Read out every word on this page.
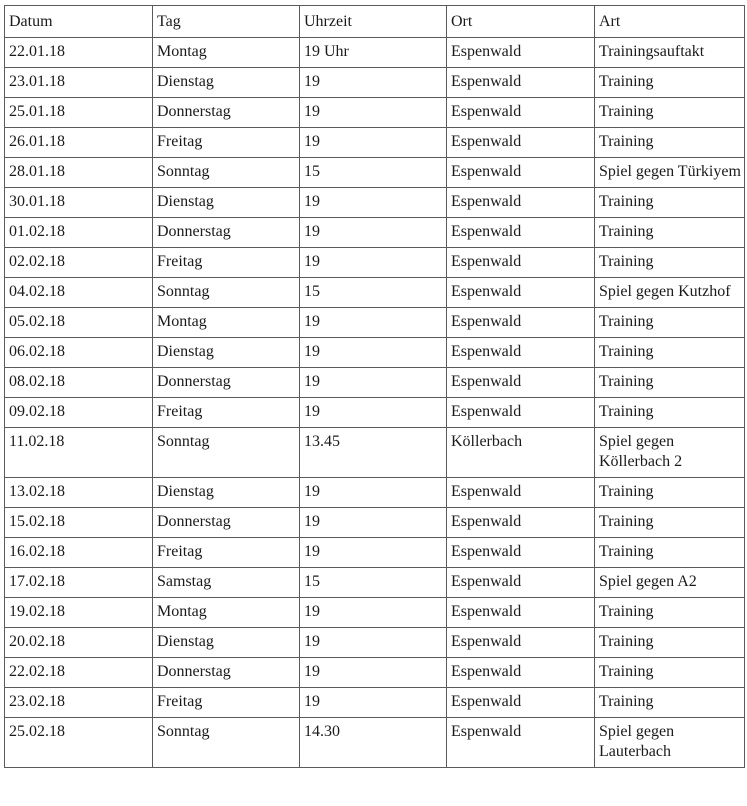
Datum	Tag	Uhrzeit	Ort	Art
22.01.18	Montag	19 Uhr	Espenwald	Trainingsauftakt
23.01.18	Dienstag	19	Espenwald	Training
25.01.18	Donnerstag	19	Espenwald	Training
26.01.18	Freitag	19	Espenwald	Training
28.01.18	Sonntag	15	Espenwald	Spiel gegen Türkiyem
30.01.18	Dienstag	19	Espenwald	Training
01.02.18	Donnerstag	19	Espenwald	Training
02.02.18	Freitag	19	Espenwald	Training
04.02.18	Sonntag	15	Espenwald	Spiel gegen Kutzhof
05.02.18	Montag	19	Espenwald	Training
06.02.18	Dienstag	19	Espenwald	Training
08.02.18	Donnerstag	19	Espenwald	Training
09.02.18	Freitag	19	Espenwald	Training
11.02.18	Sonntag	13.45	Köllerbach	Spiel gegen Köllerbach 2
13.02.18	Dienstag	19	Espenwald	Training
15.02.18	Donnerstag	19	Espenwald	Training
16.02.18	Freitag	19	Espenwald	Training
17.02.18	Samstag	15	Espenwald	Spiel gegen A2
19.02.18	Montag	19	Espenwald	Training
20.02.18	Dienstag	19	Espenwald	Training
22.02.18	Donnerstag	19	Espenwald	Training
23.02.18	Freitag	19	Espenwald	Training
25.02.18	Sonntag	14.30	Espenwald	Spiel gegen Lauterbach
